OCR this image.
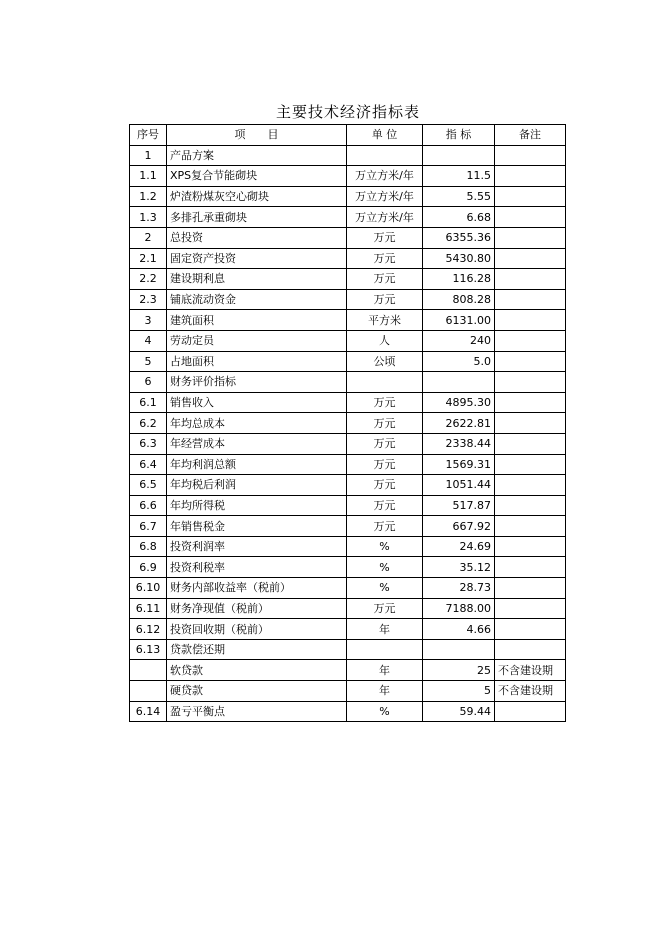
主要技术经济指标表
序号	项　　目	单 位	指 标	备注
1	产品方案			
1.1	XPS复合节能砌块	万立方米/年	11.5	
1.2	炉渣粉煤灰空心砌块	万立方米/年	5.55	
1.3	多排孔承重砌块	万立方米/年	6.68	
2	总投资	万元	6355.36	
2.1	固定资产投资	万元	5430.80	
2.2	建设期利息	万元	116.28	
2.3	铺底流动资金	万元	808.28	
3	建筑面积	平方米	6131.00	
4	劳动定员	人	240	
5	占地面积	公顷	5.0	
6	财务评价指标			
6.1	销售收入	万元	4895.30	
6.2	年均总成本	万元	2622.81	
6.3	年经营成本	万元	2338.44	
6.4	年均利润总额	万元	1569.31	
6.5	年均税后利润	万元	1051.44	
6.6	年均所得税	万元	517.87	
6.7	年销售税金	万元	667.92	
6.8	投资利润率	%	24.69	
6.9	投资利税率	%	35.12	
6.10	财务内部收益率（税前）	%	28.73	
6.11	财务净现值（税前）	万元	7188.00	
6.12	投资回收期（税前）	年	4.66	
6.13	贷款偿还期			
	软贷款	年	25	不含建设期
	硬贷款	年	5	不含建设期
6.14	盈亏平衡点	%	59.44	
